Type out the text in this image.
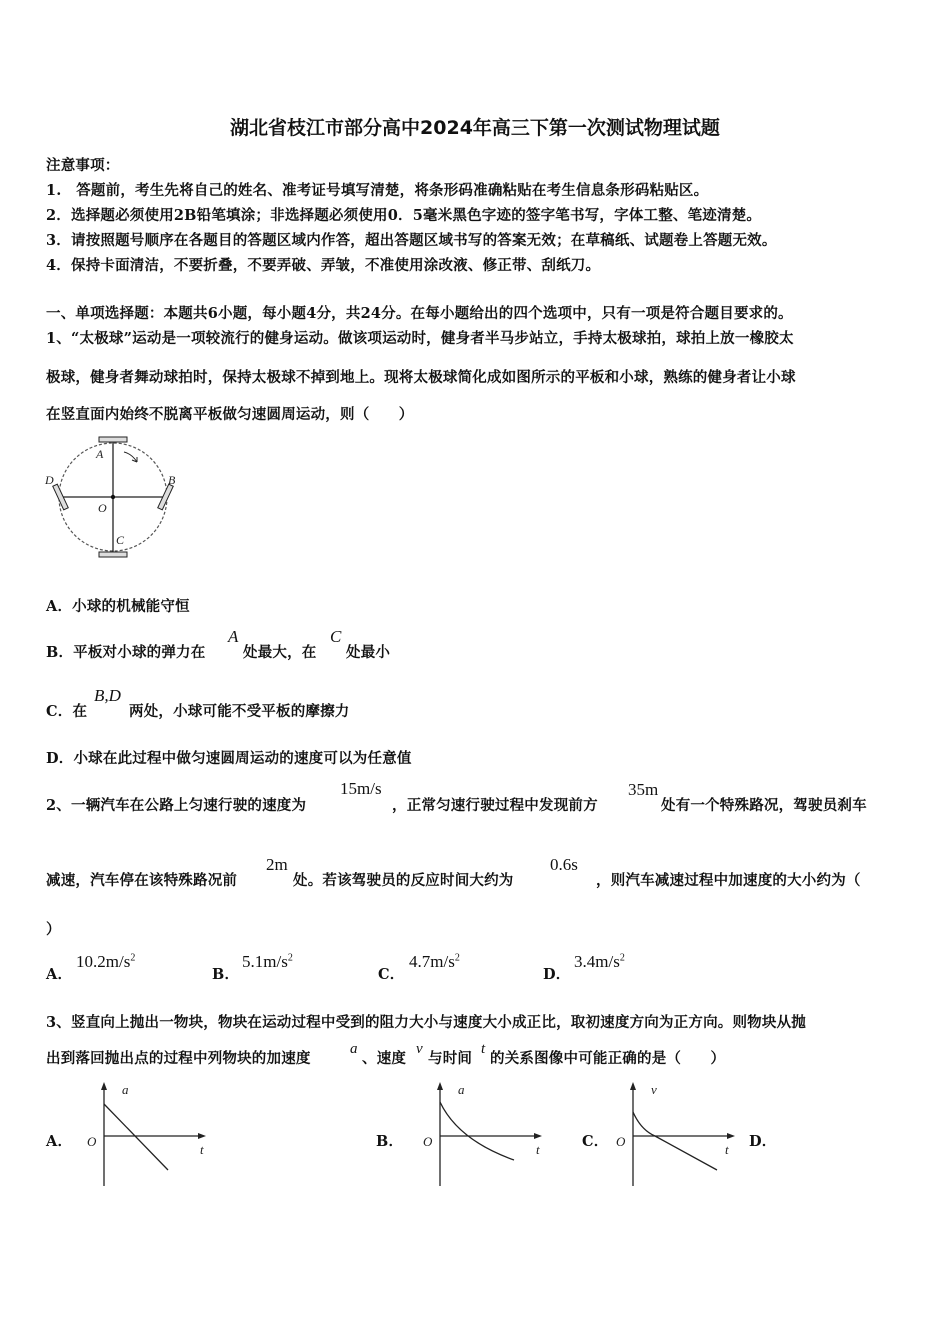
湖北省枝江市部分高中2024年高三下第一次测试物理试题
注意事项：
1.　答题前，考生先将自己的姓名、准考证号填写清楚，将条形码准确粘贴在考生信息条形码粘贴区。
2．选择题必须使用2B铅笔填涂；非选择题必须使用0．5毫米黑色字迹的签字笔书写，字体工整、笔迹清楚。
3．请按照题号顺序在各题目的答题区域内作答，超出答题区域书写的答案无效；在草稿纸、试题卷上答题无效。
4．保持卡面清洁，不要折叠，不要弄破、弄皱，不准使用涂改液、修正带、刮纸刀。
一、单项选择题：本题共6小题，每小题4分，共24分。在每小题给出的四个选项中，只有一项是符合题目要求的。
1、“太极球”运动是一项较流行的健身运动。做该项运动时，健身者半马步站立，手持太极球拍，球拍上放一橡胶太
极球，健身者舞动球拍时，保持太极球不掉到地上。现将太极球简化成如图所示的平板和小球，熟练的健身者让小球
在竖直面内始终不脱离平板做匀速圆周运动，则（　　）
A
B
C
D
O
A．小球的机械能守恒
B．平板对小球的弹力在
A
处最大，在
C
处最小
C．在
B,D
两处，小球可能不受平板的摩擦力
D．小球在此过程中做匀速圆周运动的速度可以为任意值
2、一辆汽车在公路上匀速行驶的速度为
15m/s
，正常匀速行驶过程中发现前方
35m
处有一个特殊路况，驾驶员刹车
减速，汽车停在该特殊路况前
2m
处。若该驾驶员的反应时间大约为
0.6s
，则汽车减速过程中加速度的大小约为（
）
A．
$10.2m/s^2$
B．
$5.1m/s^2$
C．
$4.7m/s^2$
D．
$3.4m/s^2$
3、竖直向上抛出一物块，物块在运动过程中受到的阻力大小与速度大小成正比，取初速度方向为正方向。则物块从抛
出到落回抛出点的过程中列物块的加速度
a
、速度
v
与时间
t
的关系图像中可能正确的是（　　）
A．
a
t
O	B．
a
t
O	C．
v
t
O	D．
